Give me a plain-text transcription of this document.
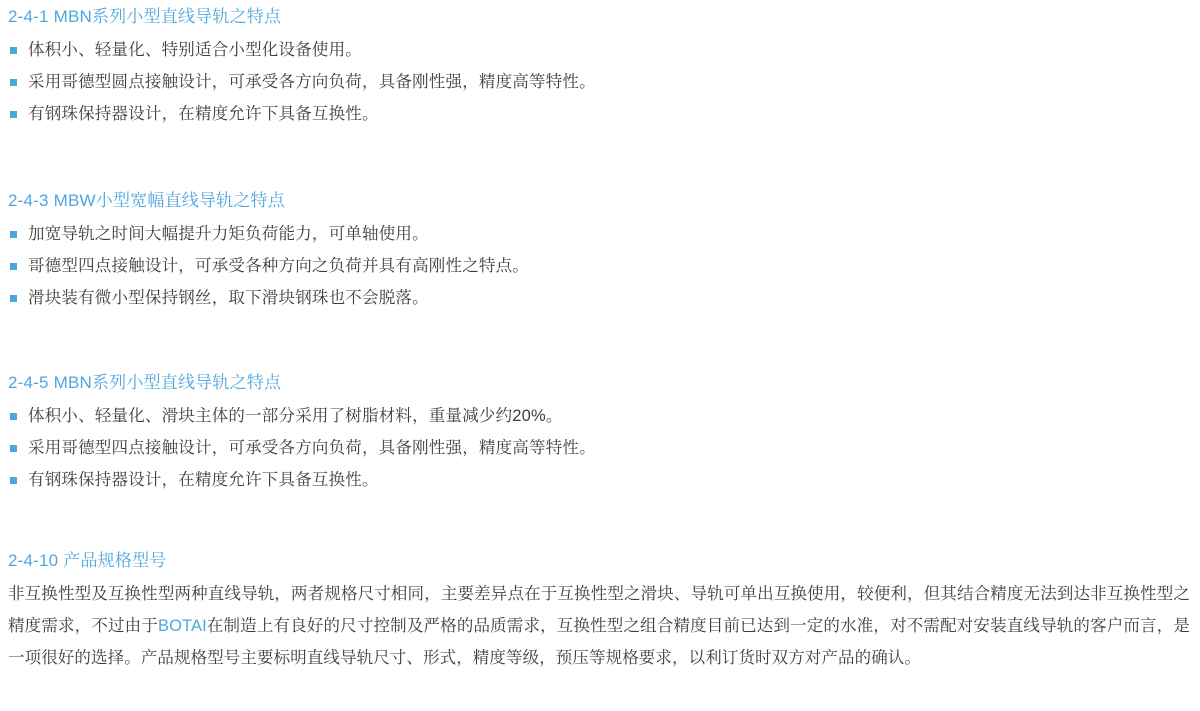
2-4-1 MBN系列小型直线导轨之特点
体积小、轻量化、特别适合小型化设备使用。
采用哥德型圆点接触设计，可承受各方向负荷，具备刚性强，精度高等特性。
有钢珠保持器设计，在精度允许下具备互换性。
2-4-3 MBW小型宽幅直线导轨之特点
加宽导轨之时间大幅提升力矩负荷能力，可单轴使用。
哥德型四点接触设计，可承受各种方向之负荷并具有高刚性之特点。
滑块装有微小型保持钢丝，取下滑块钢珠也不会脱落。
2-4-5 MBN系列小型直线导轨之特点
体积小、轻量化、滑块主体的一部分采用了树脂材料，重量减少约20%。
采用哥德型四点接触设计，可承受各方向负荷，具备刚性强，精度高等特性。
有钢珠保持器设计，在精度允许下具备互换性。
2-4-10 产品规格型号

非互换性型及互换性型两种直线导轨，两者规格尺寸相同，主要差异点在于互换性型之滑块、导轨可单出互换使用，较便利，但其结合精度无法到达非互换性型之精度需求，不过由于BOTAI在制造上有良好的尺寸控制及严格的品质需求，互换性型之组合精度目前已达到一定的水准，对不需配对安装直线导轨的客户而言，是一项很好的选择。产品规格型号主要标明直线导轨尺寸、形式，精度等级，预压等规格要求，以利订货时双方对产品的确认。
